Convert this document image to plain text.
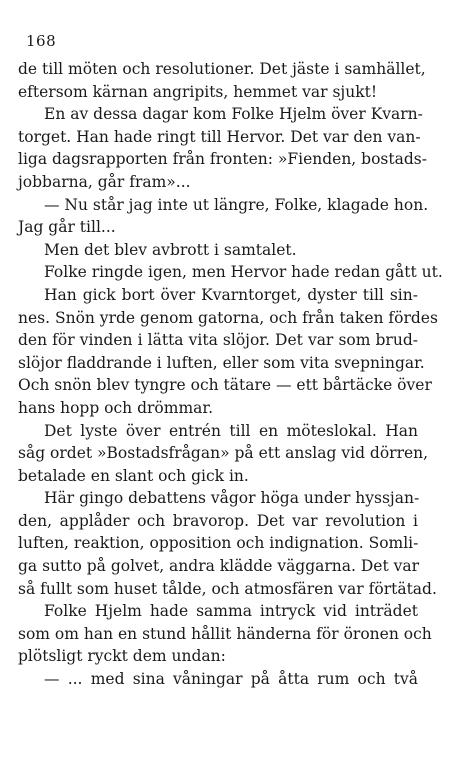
168
de till möten och resolutioner. Det jäste i samhället,
eftersom kärnan angripits, hemmet var sjukt!
En av dessa dagar kom Folke Hjelm över Kvarn-
torget. Han hade ringt till Hervor. Det var den van-
liga dagsrapporten från fronten: »Fienden, bostads-
jobbarna, går fram»...
— Nu står jag inte ut längre, Folke, klagade hon.
Jag går till...
Men det blev avbrott i samtalet.
Folke ringde igen, men Hervor hade redan gått ut.
Han gick bort över Kvarntorget, dyster till sin-
nes. Snön yrde genom gatorna, och från taken fördes
den för vinden i lätta vita slöjor. Det var som brud-
slöjor fladdrande i luften, eller som vita svepningar.
Och snön blev tyngre och tätare — ett bårtäcke över
hans hopp och drömmar.
Det lyste över entrén till en möteslokal. Han
såg ordet »Bostadsfrågan» på ett anslag vid dörren,
betalade en slant och gick in.
Här gingo debattens vågor höga under hyssjan-
den, applåder och bravorop. Det var revolution i
luften, reaktion, opposition och indignation. Somli-
ga sutto på golvet, andra klädde väggarna. Det var
så fullt som huset tålde, och atmosfären var förtätad.
Folke Hjelm hade samma intryck vid inträdet
som om han en stund hållit händerna för öronen och
plötsligt ryckt dem undan:
— ... med sina våningar på åtta rum och två
